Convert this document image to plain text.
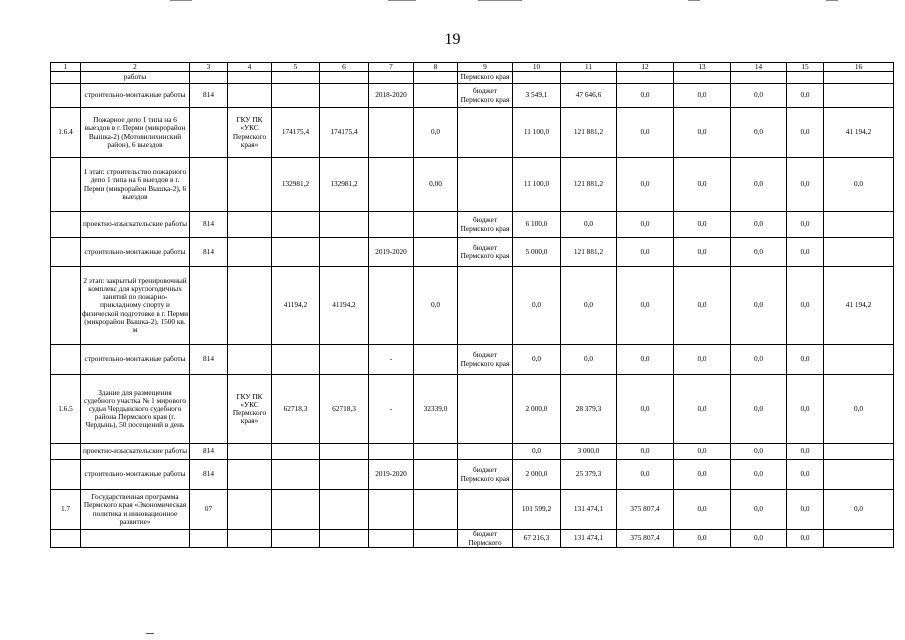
19
1	2	3	4	5	6	7	8	9	10	11	12	13	14	15	16
	работы							Пермского края							
	строительно-монтажные работы	814				2018-2020		бюджет Пермского края	3 549,1	47 646,6	0,0	0,0	0,0	0,0	
1.6.4	Пожарное депо 1 типа на 6 выездов в г. Перми (микрорайон Вышка-2) (Мотовилихинский район), 6 выездов		ГКУ ПК «УКС Пермского края»	174175,4	174175,4		0,0		11 100,0	121 881,2	0,0	0,0	0,0	0,0	41 194,2
	1 этап: строительство пожарного депо 1 типа на 6 выездов в г. Перми (микрорайон Вышка-2), 6 выездов			132981,2	132981,2		0,00		11 100,0	121 881,2	0,0	0,0	0,0	0,0	0,0
	проектно-изыскательские работы	814						бюджет Пермского края	6 100,0	0,0	0,0	0,0	0,0	0,0	
	строительно-монтажные работы	814				2019-2020		бюджет Пермского края	5 000,0	121 881,2	0,0	0,0	0,0	0,0	
	2 этап: закрытый тренировочный комплекс для круглогодичных занятий по пожарно-прикладному спорту и физической подготовке в г. Перми (микрорайон Вышка-2), 1500 кв. м			41194,2	41194,2		0,0		0,0	0,0	0,0	0,0	0,0	0,0	41 194,2
	строительно-монтажные работы	814				-		бюджет Пермского края	0,0	0,0	0,0	0,0	0,0	0,0	
1.6.5	Здание для размещения судебного участка № 1 мирового судьи Чердынского судебного района Пермского края (г. Чердынь), 50 посещений в день		ГКУ ПК «УКС Пермского края»	62718,3	62718,3	-	32339,0		2 000,0	28 379,3	0,0	0,0	0,0	0,0	0,0
	проектно-изыскательские работы	814							0,0	3 000,0	0,0	0,0	0,0	0,0	
	строительно-монтажные работы	814				2019-2020		бюджет Пермского края	2 000,0	25 379,3	0,0	0,0	0,0	0,0	
1.7	Государственная программа Пермского края «Экономическая политика и инновационное развитие»	07							101 599,2	131 474,1	375 807,4	0,0	0,0	0,0	0,0
								бюджет Пермского	67 216,3	131 474,1	375 807,4	0,0	0,0	0,0	
